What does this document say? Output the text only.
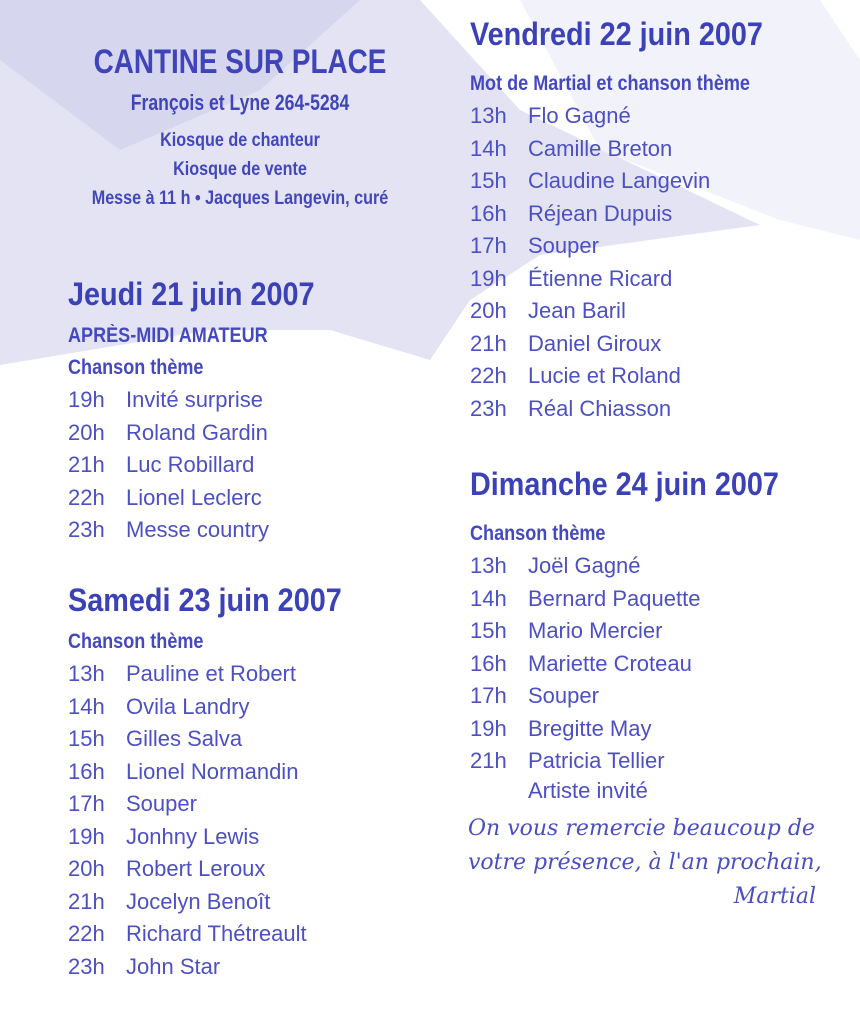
CANTINE SUR PLACE
François et Lyne 264-5284
Kiosque de chanteur
Kiosque de vente
Messe à 11 h • Jacques Langevin, curé
Jeudi 21 juin 2007
APRÈS-MIDI AMATEUR
Chanson thème
19h Invité surprise
20h Roland Gardin
21h Luc Robillard
22h Lionel Leclerc
23h Messe country
Samedi 23 juin 2007
Chanson thème
13h Pauline et Robert
14h Ovila Landry
15h Gilles Salva
16h Lionel Normandin
17h Souper
19h Jonhny Lewis
20h Robert Leroux
21h Jocelyn Benoît
22h Richard Thétreault
23h John Star
Vendredi 22 juin 2007
Mot de Martial et chanson thème
13h Flo Gagné
14h Camille Breton
15h Claudine Langevin
16h Réjean Dupuis
17h Souper
19h Étienne Ricard
20h Jean Baril
21h Daniel Giroux
22h Lucie et Roland
23h Réal Chiasson
Dimanche 24 juin 2007
Chanson thème
13h Joël Gagné
14h Bernard Paquette
15h Mario Mercier
16h Mariette Croteau
17h Souper
19h Bregitte May
21h Patricia Tellier
Artiste invité
On vous remercie beaucoup de
votre présence, à l'an prochain,
Martial
